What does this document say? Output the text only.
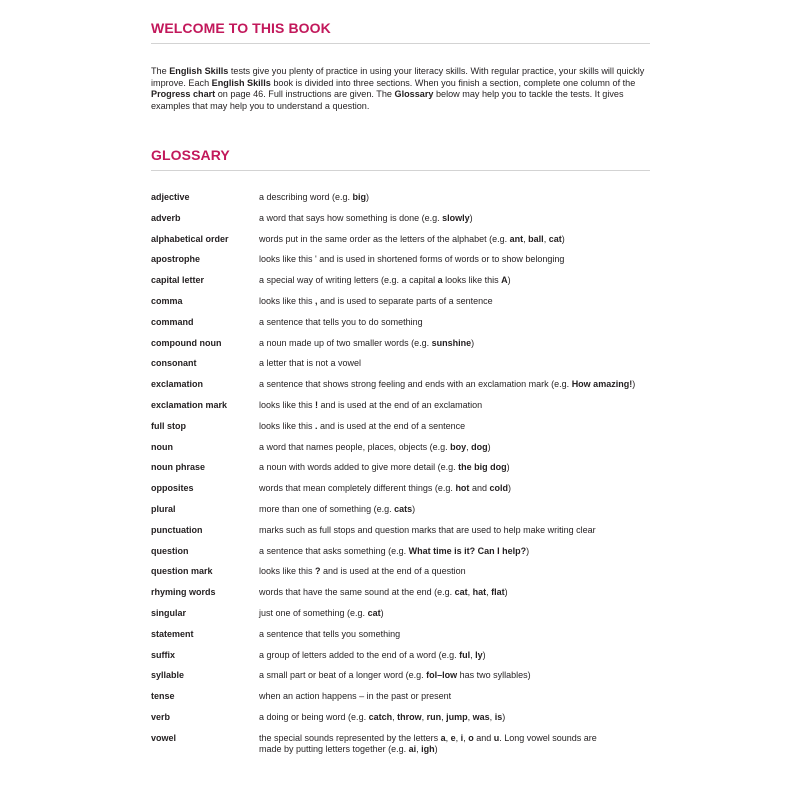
WELCOME TO THIS BOOK

The English Skills tests give you plenty of practice in using your literacy skills. With regular practice, your skills will quickly improve. Each English Skills book is divided into three sections. When you finish a section, complete one column of the Progress chart on page 46. Full instructions are given. The Glossary below may help you to tackle the tests. It gives examples that may help you to understand a question.

GLOSSARY
adjective	a describing word (e.g. big)
adverb	a word that says how something is done (e.g. slowly)
alphabetical order	words put in the same order as the letters of the alphabet (e.g. ant, ball, cat)
apostrophe	looks like this ' and is used in shortened forms of words or to show belonging
capital letter	a special way of writing letters (e.g. a capital a looks like this A)
comma	looks like this , and is used to separate parts of a sentence
command	a sentence that tells you to do something
compound noun	a noun made up of two smaller words (e.g. sunshine)
consonant	a letter that is not a vowel
exclamation	a sentence that shows strong feeling and ends with an exclamation mark (e.g. How amazing!)
exclamation mark	looks like this ! and is used at the end of an exclamation
full stop	looks like this . and is used at the end of a sentence
noun	a word that names people, places, objects (e.g. boy, dog)
noun phrase	a noun with words added to give more detail (e.g. the big dog)
opposites	words that mean completely different things (e.g. hot and cold)
plural	more than one of something (e.g. cats)
punctuation	marks such as full stops and question marks that are used to help make writing clear
question	a sentence that asks something (e.g. What time is it? Can I help?)
question mark	looks like this ? and is used at the end of a question
rhyming words	words that have the same sound at the end (e.g. cat, hat, flat)
singular	just one of something (e.g. cat)
statement	a sentence that tells you something
suffix	a group of letters added to the end of a word (e.g. ful, ly)
syllable	a small part or beat of a longer word (e.g. fol–low has two syllables)
tense	when an action happens – in the past or present
verb	a doing or being word (e.g. catch, throw, run, jump, was, is)
vowel	the special sounds represented by the letters a, e, i, o and u. Long vowel sounds are made by putting letters together (e.g. ai, igh)
